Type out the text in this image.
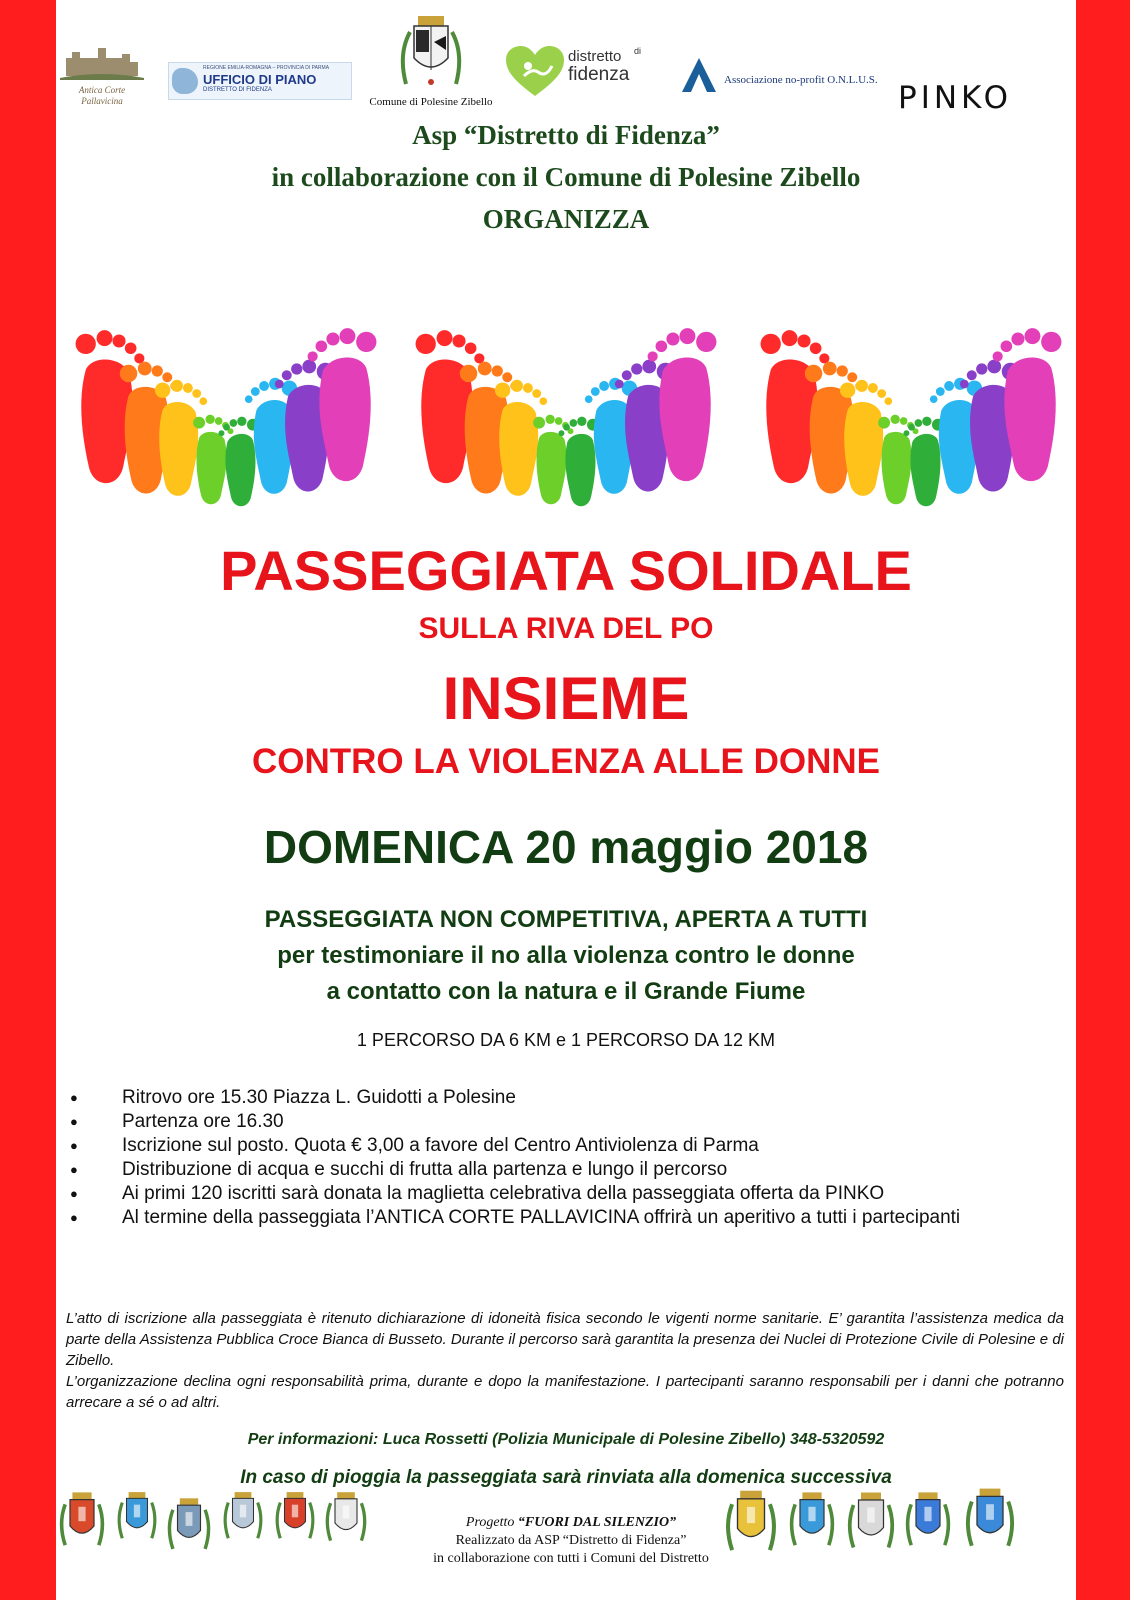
Antica Corte
Pallavicina
REGIONE EMILIA-ROMAGNA – PROVINCIA DI PARMA
UFFICIO DI PIANO
DISTRETTO DI FIDENZA
Comune di Polesine Zibello
distretto di
fidenza	Associazione no-profit O.N.L.U.S. PINKO
Asp “Distretto di Fidenza”
in collaborazione con il Comune di Polesine Zibello
ORGANIZZA
PASSEGGIATA SOLIDALE
SULLA RIVA DEL PO
INSIEME
CONTRO LA VIOLENZA ALLE DONNE
DOMENICA 20 maggio 2018
PASSEGGIATA NON COMPETITIVA, APERTA A TUTTI
per testimoniare il no alla violenza contro le donne
a contatto con la natura e il Grande Fiume
1 PERCORSO DA 6 KM e 1 PERCORSO DA 12 KM
● Ritrovo ore 15.30 Piazza L. Guidotti a Polesine
● Partenza ore 16.30
● Iscrizione sul posto. Quota € 3,00 a favore del Centro Antiviolenza di Parma
● Distribuzione di acqua e succhi di frutta alla partenza e lungo il percorso
● Ai primi 120 iscritti sarà donata la maglietta celebrativa della passeggiata offerta da PINKO
● Al termine della passeggiata l’ANTICA CORTE PALLAVICINA offrirà un aperitivo a tutti i partecipanti
L’atto di iscrizione alla passeggiata è ritenuto dichiarazione di idoneità fisica secondo le vigenti norme sanitarie. E’ garantita l’assistenza medica da parte della Assistenza Pubblica Croce Bianca di Busseto. Durante il percorso sarà garantita la presenza dei Nuclei di Protezione Civile di Polesine e di Zibello.
L’organizzazione declina ogni responsabilità prima, durante e dopo la manifestazione. I partecipanti saranno responsabili per i danni che potranno arrecare a sé o ad altri.
Per informazioni: Luca Rossetti (Polizia Municipale di Polesine Zibello) 348-5320592
In caso di pioggia la passeggiata sarà rinviata alla domenica successiva
Progetto “FUORI DAL SILENZIO”
Realizzato da ASP “Distretto di Fidenza”
in collaborazione con tutti i Comuni del Distretto
